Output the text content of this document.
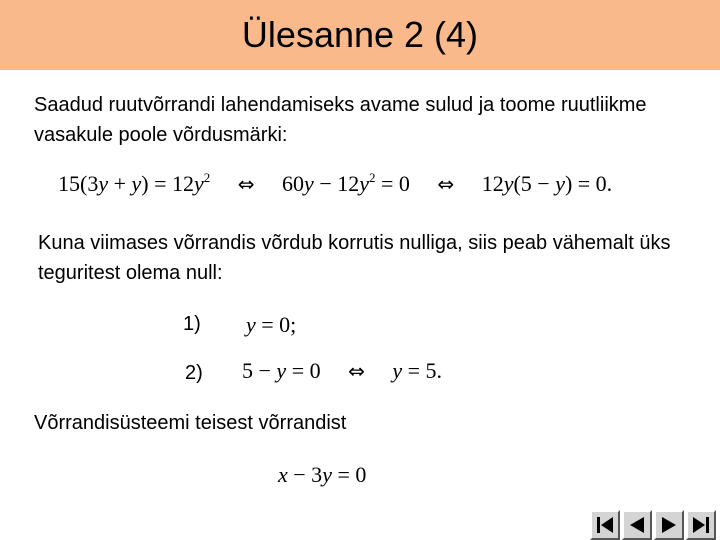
Ülesanne 2 (4)
Saadud ruutvõrrandi lahendamiseks avame sulud ja toome ruutliikme vasakule poole võrdusmärki:
$15(3y + y) = 12y^2$ ⇔ $60y - 12y^2 = 0$ ⇔ 12y(5 − y) = 0.
Kuna viimases võrrandis võrdub korrutis nulliga, siis peab vähemalt üks teguritest olema null:
1) y = 0;
2) 5 − y = 0 ⇔ y = 5.
Võrrandisüsteemi teisest võrrandist
x − 3y = 0
